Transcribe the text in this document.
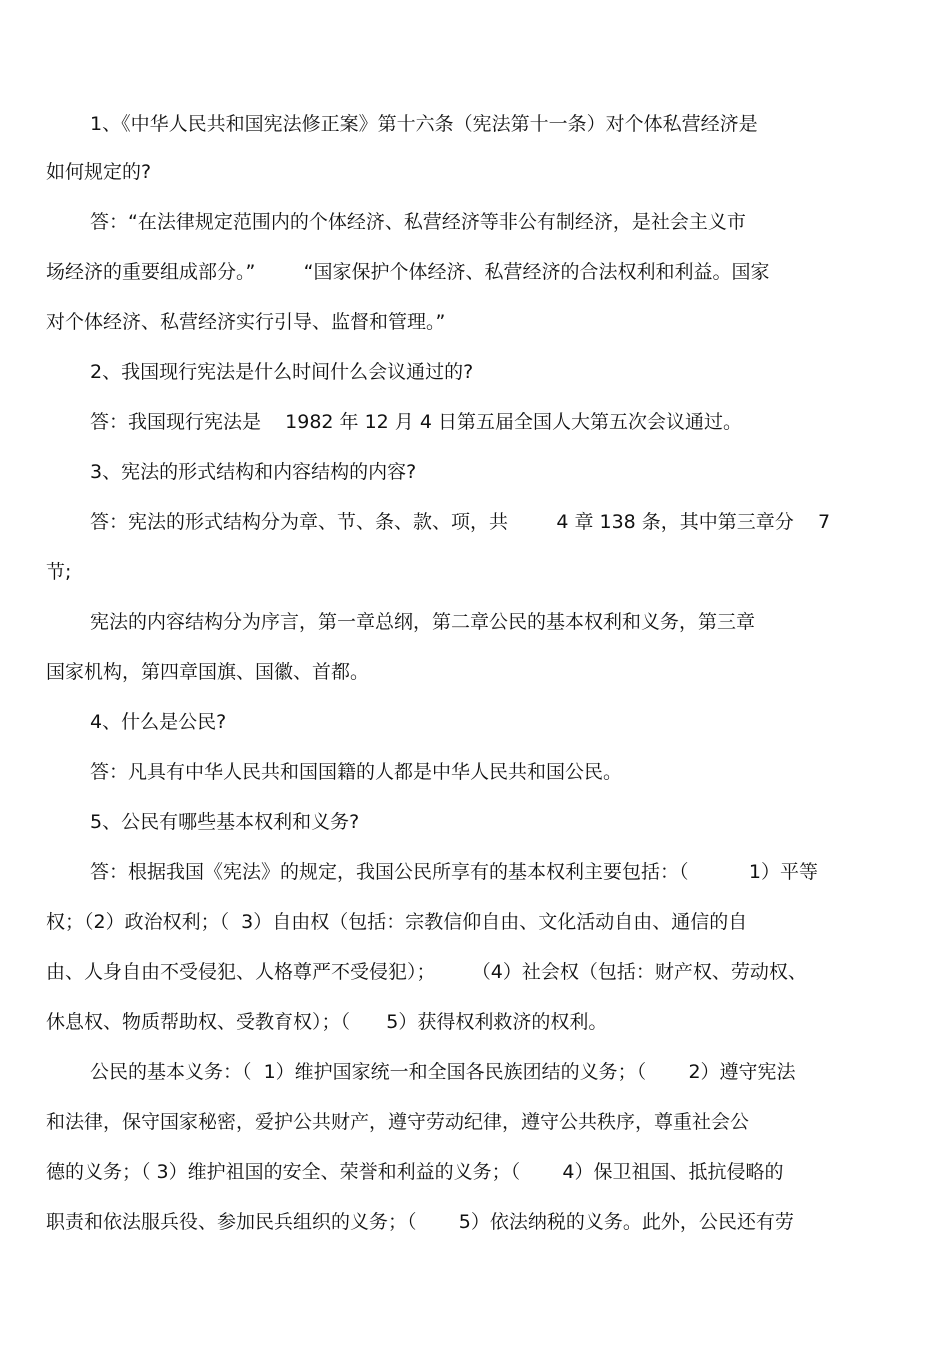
1、《中华人民共和国宪法修正案》第十六条（宪法第十一条）对个体私营经济是
如何规定的?
答：“在法律规定范围内的个体经济、私营经济等非公有制经济，是社会主义市
场经济的重要组成部分。”        “国家保护个体经济、私营经济的合法权利和利益。国家
对个体经济、私营经济实行引导、监督和管理。”
2、我国现行宪法是什么时间什么会议通过的?
答：我国现行宪法是    1982 年 12 月 4 日第五届全国人大第五次会议通过。
3、宪法的形式结构和内容结构的内容?
答：宪法的形式结构分为章、节、条、款、项，共        4 章 138 条，其中第三章分    7
节;
宪法的内容结构分为序言，第一章总纲，第二章公民的基本权利和义务，第三章
国家机构，第四章国旗、国徽、首都。
4、什么是公民?
答：凡具有中华人民共和国国籍的人都是中华人民共和国公民。
5、公民有哪些基本权利和义务?
答：根据我国《宪法》的规定，我国公民所享有的基本权利主要包括：（          1）平等
权；（2）政治权利；（  3）自由权（包括：宗教信仰自由、文化活动自由、通信的自
由、人身自由不受侵犯、人格尊严不受侵犯）；      （4）社会权（包括：财产权、劳动权、
休息权、物质帮助权、受教育权）；（      5）获得权利救济的权利。
公民的基本义务：（  1）维护国家统一和全国各民族团结的义务；（       2）遵守宪法
和法律，保守国家秘密，爱护公共财产，遵守劳动纪律，遵守公共秩序，尊重社会公
德的义务；（ 3）维护祖国的安全、荣誉和利益的义务；（       4）保卫祖国、抵抗侵略的
职责和依法服兵役、参加民兵组织的义务；（       5）依法纳税的义务。此外，公民还有劳
